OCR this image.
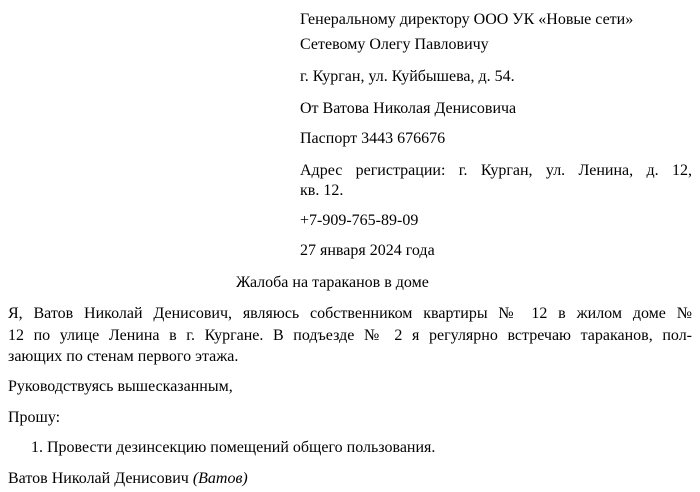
Генеральному директору ООО УК «Новые сети»
Сетевому Олегу Павловичу
г. Курган, ул. Куйбышева, д. 54.
От Ватова Николая Денисовича
Паспорт 3443 676676
Адрес регистрации: г. Курган, ул. Ленина, д. 12,
кв. 12.
+7-909-765-89-09
27 января 2024 года
Жалоба на тараканов в доме
Я, Ватов Николай Денисович, являюсь собственником квартиры № 12 в жилом доме №
12 по улице Ленина в г. Кургане. В подъезде № 2 я регулярно встречаю тараканов, пол-
зающих по стенам первого этажа.
Руководствуясь вышесказанным,
Прошу:
1. Провести дезинсекцию помещений общего пользования.
Ватов Николай Денисович (Ватов)
